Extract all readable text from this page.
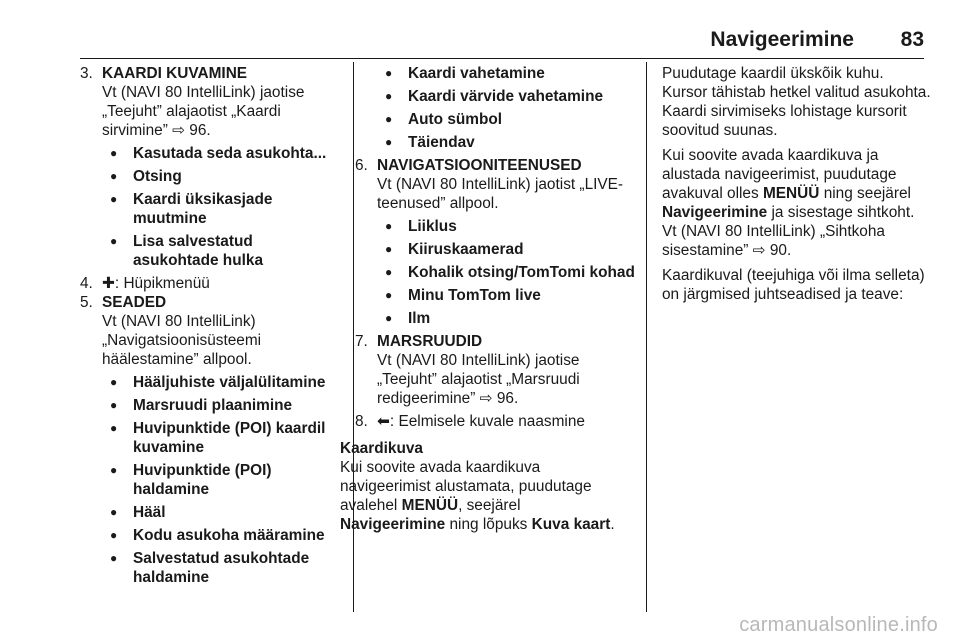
Navigeerimine 83
3. KAARDI KUVAMINE
Vt (NAVI 80 IntelliLink) jaotise „Teejuht” alajaotist „Kaardi sirvimine” ⇨ 96.
● Kasutada seda asukohta...
● Otsing
● Kaardi üksikasjade muutmine
● Lisa salvestatud asukohtade hulka
4. ✚: Hüpikmenüü
5. SEADED
Vt (NAVI 80 IntelliLink) „Navigatsioonisüsteemi häälestamine” allpool.
● Hääljuhiste väljalülitamine
● Marsruudi plaanimine
● Huvipunktide (POI) kaardil kuvamine
● Huvipunktide (POI) haldamine
● Hääl
● Kodu asukoha määramine
● Salvestatud asukohtade haldamine
● Kaardi vahetamine
● Kaardi värvide vahetamine
● Auto sümbol
● Täiendav
6. NAVIGATSIOONITEENUSED
Vt (NAVI 80 IntelliLink) jaotist „LIVE-teenused” allpool.
● Liiklus
● Kiiruskaamerad
● Kohalik otsing/TomTomi kohad
● Minu TomTom live
● Ilm
7. MARSRUUDID
Vt (NAVI 80 IntelliLink) jaotise „Teejuht” alajaotist „Marsruudi redigeerimine” ⇨ 96.
8. ⬅: Eelmisele kuvale naasmine
Kaardikuva
Kui soovite avada kaardikuva navigeerimist alustamata, puudutage avalehel MENÜÜ, seejärel Navigeerimine ning lõpuks Kuva kaart.

Puudutage kaardil ükskõik kuhu. Kursor tähistab hetkel valitud asukohta. Kaardi sirvimiseks lohistage kursorit soovitud suunas.

Kui soovite avada kaardikuva ja alustada navigeerimist, puudutage avakuval olles MENÜÜ ning seejärel Navigeerimine ja sisestage sihtkoht. Vt (NAVI 80 IntelliLink) „Sihtkoha sisestamine” ⇨ 90.

Kaardikuval (teejuhiga või ilma selleta) on järgmised juhtseadised ja teave:

carmanualsonline.info
